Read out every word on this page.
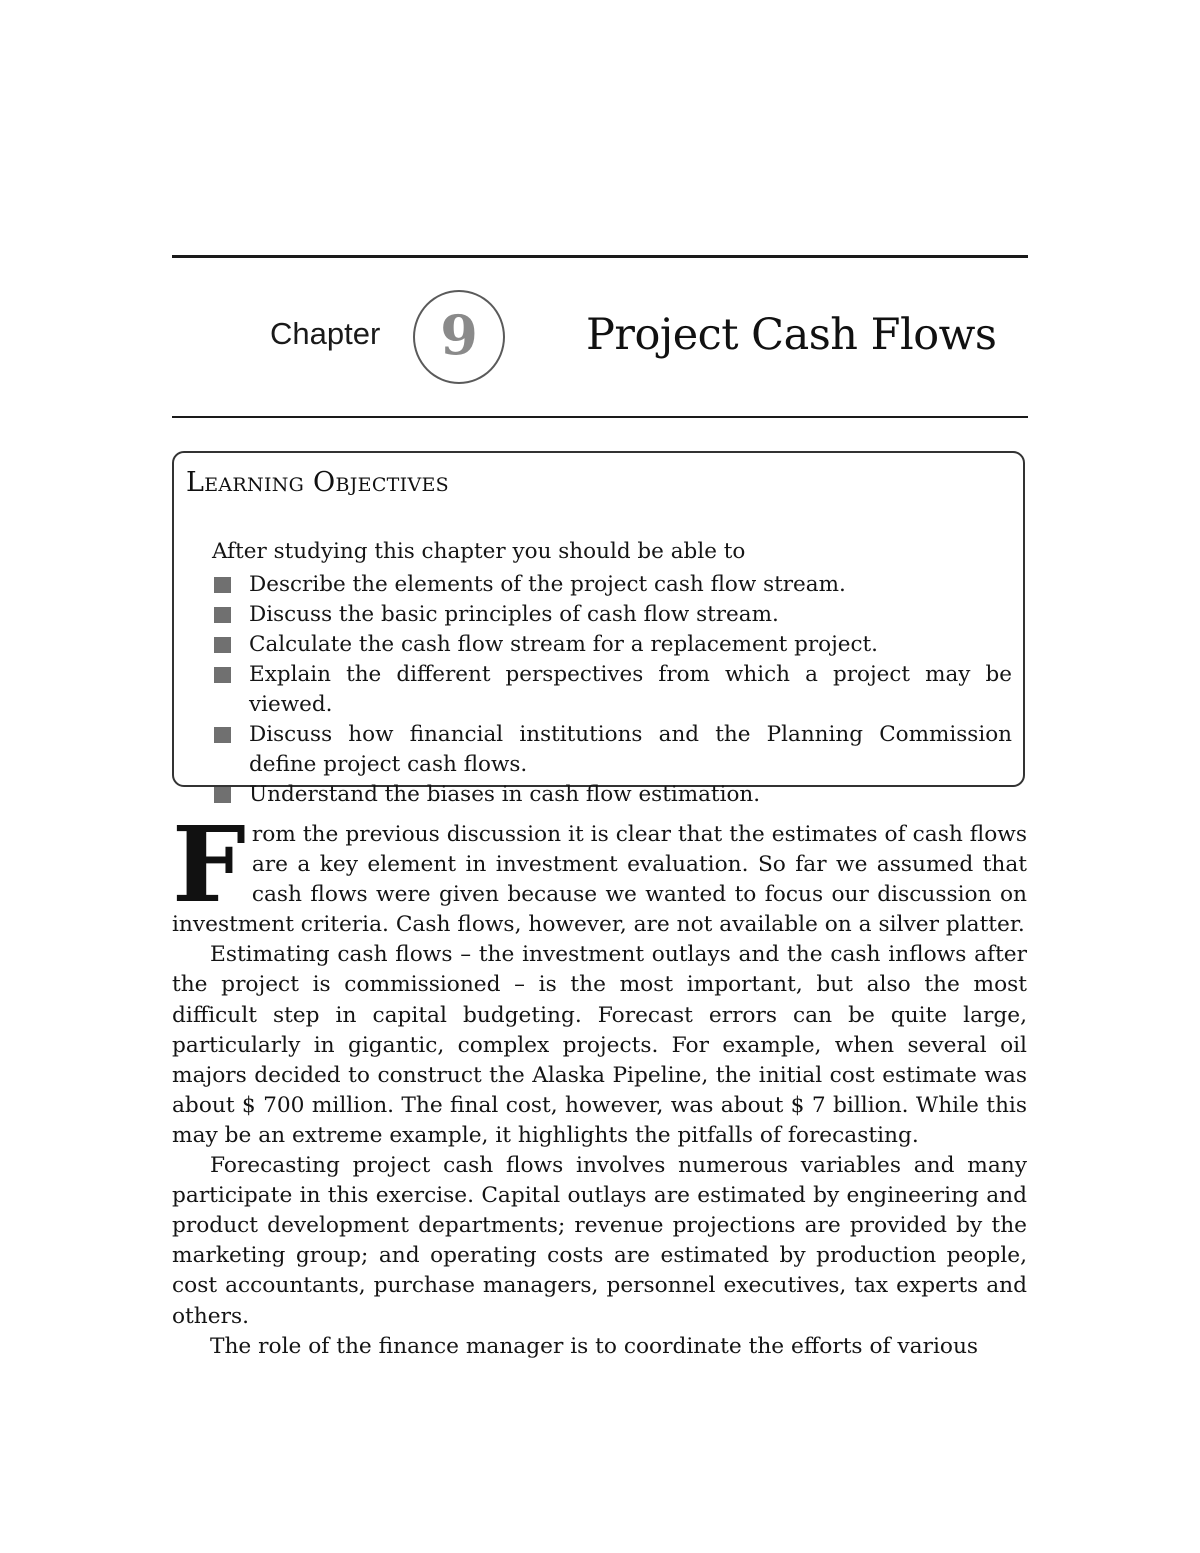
Chapter 9	Project Cash Flows
Learning Objectives
After studying this chapter you should be able to
Describe the elements of the project cash flow stream.
Discuss the basic principles of cash flow stream.
Calculate the cash flow stream for a replacement project.
Explain the different perspectives from which a project may be viewed.
Discuss how financial institutions and the Planning Commission define project cash flows.
Understand the biases in cash flow estimation.

From the previous discussion it is clear that the estimates of cash flows are a key element in investment evaluation. So far we assumed that cash flows were given because we wanted to focus our discussion on investment criteria. Cash flows, however, are not available on a silver platter.

Estimating cash flows – the investment outlays and the cash inflows after the project is commissioned – is the most important, but also the most difficult step in capital budgeting. Forecast errors can be quite large, particularly in gigantic, complex projects. For example, when several oil majors decided to construct the Alaska Pipeline, the initial cost estimate was about $ 700 million. The final cost, however, was about $ 7 billion. While this may be an extreme example, it highlights the pitfalls of forecasting.

Forecasting project cash flows involves numerous variables and many participate in this exercise. Capital outlays are estimated by engineering and product development departments; revenue projections are provided by the marketing group; and operating costs are estimated by production people, cost accountants, purchase managers, personnel executives, tax experts and others.

The role of the finance manager is to coordinate the efforts of various
